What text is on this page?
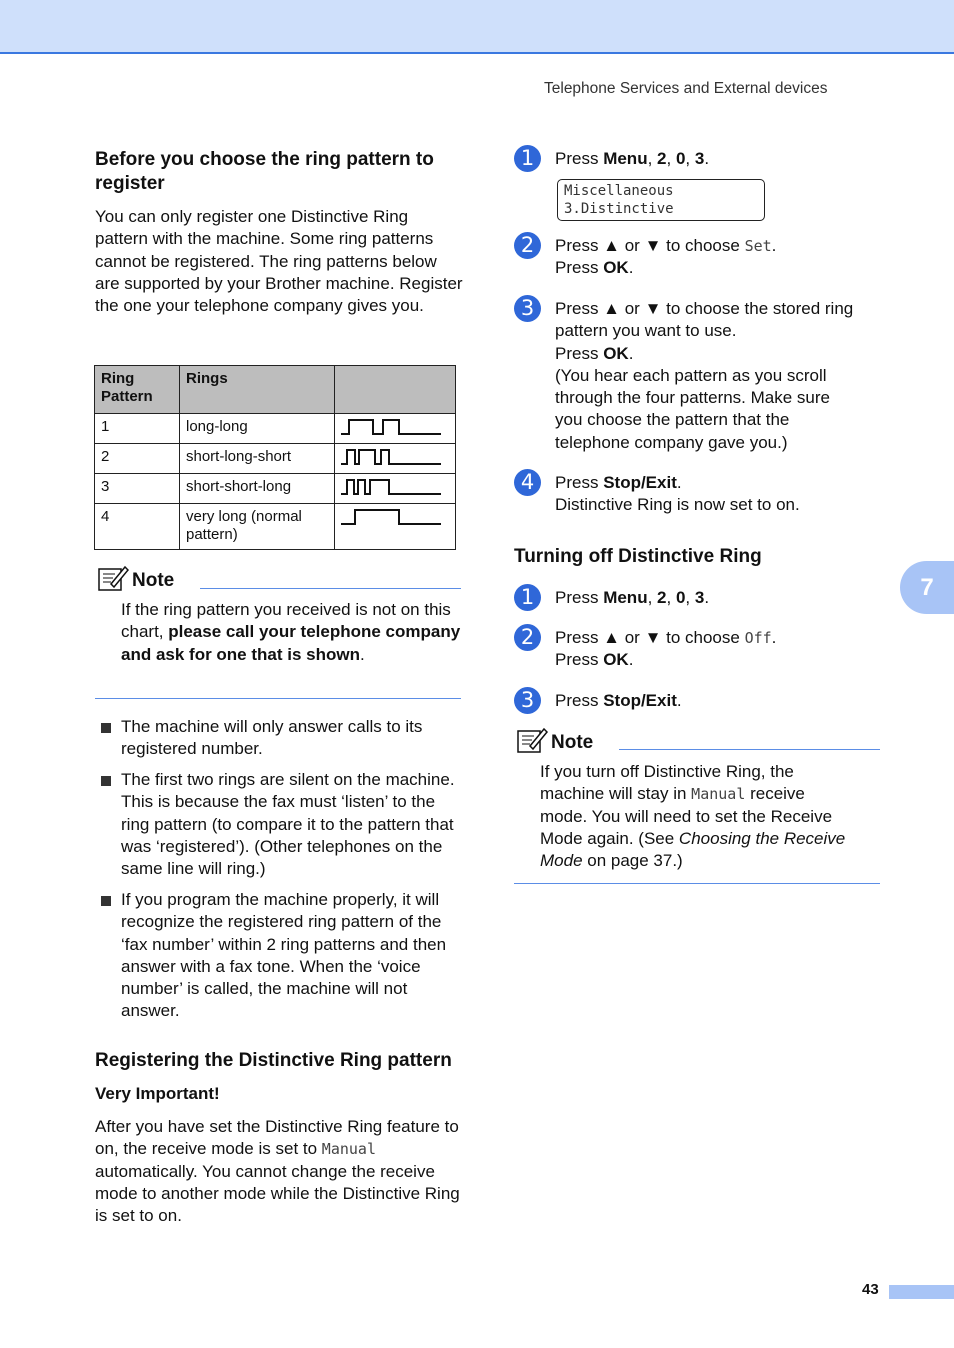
Telephone Services and External devices
Before you choose the ring pattern to register

You can only register one Distinctive Ring pattern with the machine. Some ring patterns cannot be registered. The ring patterns below are supported by your Brother machine. Register the one your telephone company gives you.

Ring Pattern	Rings	
1	long-long	

2	short-long-short	

3	short-short-long	

4	very long (normal pattern)	
Note

If the ring pattern you received is not on this chart, please call your telephone company and ask for one that is shown.

The machine will only answer calls to its registered number.
The first two rings are silent on the machine. This is because the fax must ‘listen’ to the ring pattern (to compare it to the pattern that was ‘registered’). (Other telephones on the same line will ring.)
If you program the machine properly, it will recognize the registered ring pattern of the ‘fax number’ within 2 ring patterns and then answer with a fax tone. When the ‘voice number’ is called, the machine will not answer.
Registering the Distinctive Ring pattern
Very Important!

After you have set the Distinctive Ring feature to on, the receive mode is set to Manual automatically. You cannot change the receive mode to another mode while the Distinctive Ring is set to on.

1	Press Menu, 2, 0, 3.
Miscellaneous
3.Distinctive
2	Press ▲ or ▼ to choose Set.
Press OK.
3	Press ▲ or ▼ to choose the stored ring
pattern you want to use.
Press OK.
(You hear each pattern as you scroll
through the four patterns. Make sure
you choose the pattern that the
telephone company gave you.)
4	Press Stop/Exit.
Distinctive Ring is now set to on.
Turning off Distinctive Ring
1	Press Menu, 2, 0, 3.
2	Press ▲ or ▼ to choose Off.
Press OK.
3	Press Stop/Exit.
Note
If you turn off Distinctive Ring, the
machine will stay in Manual receive
mode. You will need to set the Receive
Mode again. (See Choosing the Receive
Mode on page 37.)
7
43
